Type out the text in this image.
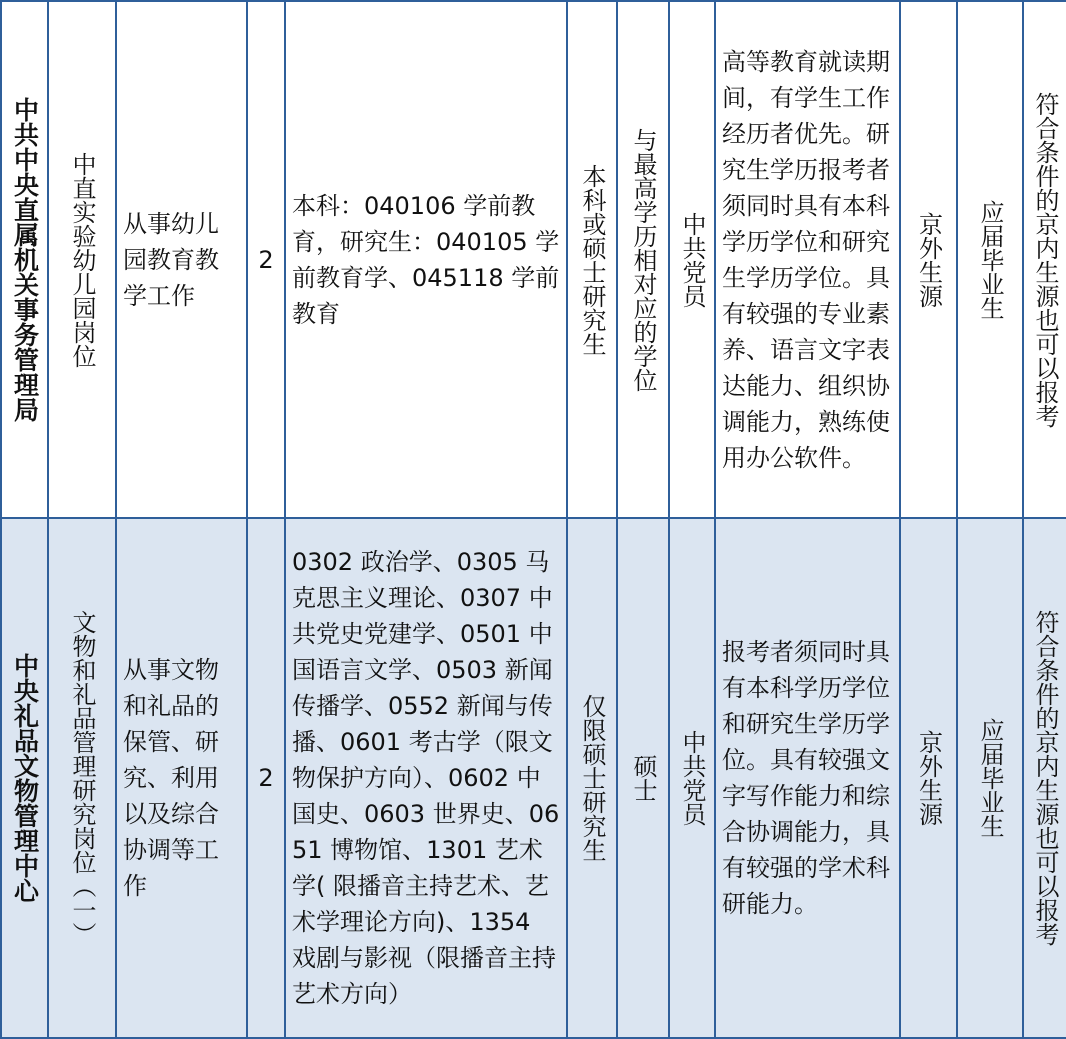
中共中央直属机关事务管理局	中直实验幼儿园岗位	从事幼儿园教育教学工作	2	本科：040106 学前教育，研究生：040105 学前教育学、045118 学前教育	本科或硕士研究生	与最高学历相对应的学位	中共党员	高等教育就读期间，有学生工作经历者优先。研究生学历报考者须同时具有本科学历学位和研究生学历学位。具有较强的专业素养、语言文字表达能力、组织协调能力，熟练使用办公软件。	京外生源	应届毕业生	符合条件的京内生源也可以报考

中央礼品文物管理中心	文物和礼品管理研究岗位（一）	从事文物和礼品的保管、研究、利用以及综合协调等工作	2	0302 政治学、0305 马克思主义理论、0307 中共党史党建学、0501 中国语言文学、0503 新闻传播学、0552 新闻与传播、0601 考古学（限文物保护方向）、0602 中国史、0603 世界史、0651 博物馆、1301 艺术学( 限播音主持艺术、艺术学理论方向)、1354 戏剧与影视（限播音主持艺术方向）	仅限硕士研究生	硕士	中共党员	报考者须同时具有本科学历学位和研究生学历学位。具有较强文字写作能力和综合协调能力，具有较强的学术科研能力。	京外生源	应届毕业生	符合条件的京内生源也可以报考
